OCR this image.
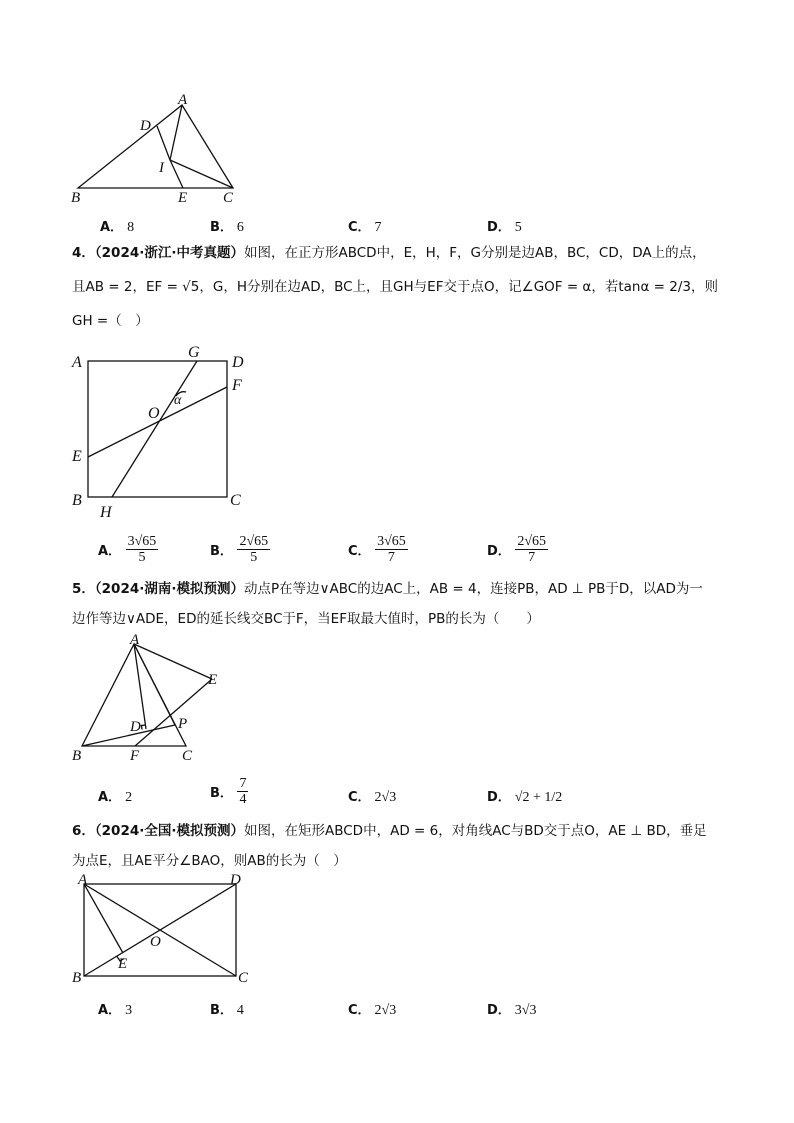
A
D
I
B	E C
A． 8	B． 6	C． 7	D． 5
4．（2024·浙江·中考真题）如图，在正方形ABCD中，E，H，F，G分别是边AB，BC，CD，DA上的点，
且AB = 2，EF = √5，G，H分别在边AD，BC上，且GH与EF交于点O，记∠GOF = α，若tanα = 2/3，则
GH =（　）
A
G
D
F
O
α
E
B	C
H
A． $\frac{3√65}{5}$	B． $\frac{2√65}{5}$	C． $\frac{3√65}{7}$	D． $\frac{2√65}{7}$
5．（2024·湖南·模拟预测）动点P在等边∨ABC的边AC上，AB = 4，连接PB，AD ⊥ PB于D，以AD为一
边作等边∨ADE，ED的延长线交BC于F，当EF取最大值时，PB的长为（　　）
A
E
D P
B	F	C
A． 2	B． $\frac{7}{4}$	C． 2√3	D． √2 + 1/2
6．（2024·全国·模拟预测）如图，在矩形ABCD中，AD = 6，对角线AC与BD交于点O，AE ⊥ BD，垂足
为点E，且AE平分∠BAO，则AB的长为（　）
A	D
O
E
B	C
A． 3	B． 4	C． 2√3	D． 3√3
